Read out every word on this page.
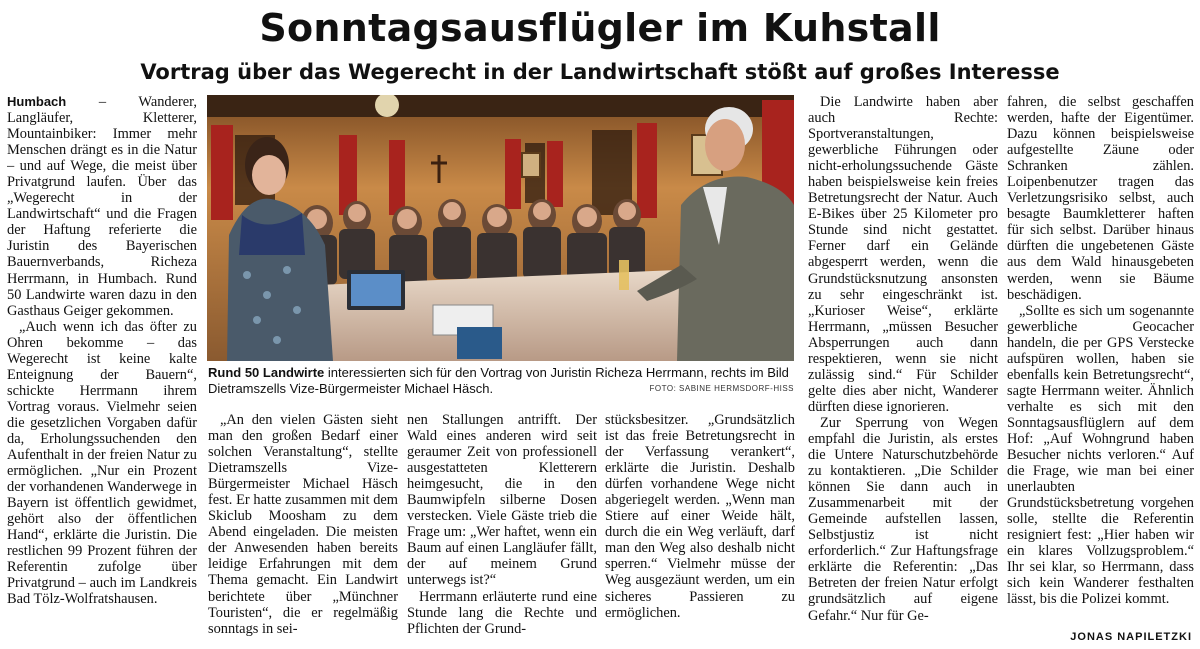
Sonntagsausflügler im Kuhstall
Vortrag über das Wegerecht in der Landwirtschaft stößt auf großes Interesse

Humbach – Wanderer, Langläufer, Kletterer, Mountainbiker: Immer mehr Menschen drängt es in die Natur – und auf Wege, die meist über Privatgrund laufen. Über das „Wegerecht in der Landwirtschaft“ und die Fragen der Haftung referierte die Juristin des Bayerischen Bauernverbands, Richeza Herrmann, in Humbach. Rund 50 Landwirte waren dazu in den Gasthaus Geiger gekommen.

„Auch wenn ich das öfter zu Ohren bekomme – das Wegerecht ist keine kalte Enteignung der Bauern“, schickte Herrmann ihrem Vortrag voraus. Vielmehr seien die gesetzlichen Vorgaben dafür da, Erholungssuchenden den Aufenthalt in der freien Natur zu ermöglichen. „Nur ein Prozent der vorhandenen Wanderwege in Bayern ist öffentlich gewidmet, gehört also der öffentlichen Hand“, erklärte die Juristin. Die restlichen 99 Prozent führen der Referentin zufolge über Privatgrund – auch im Landkreis Bad Tölz-Wolfratshausen.

Rund 50 Landwirte interessierten sich für den Vortrag von Juristin Richeza Herrmann, rechts im Bild Dietramszells Vize-Bürgermeister Michael Häsch.	FOTO: SABINE HERMSDORF-HISS

„An den vielen Gästen sieht man den großen Bedarf einer solchen Veranstaltung“, stellte Dietramszells Vize-Bürgermeister Michael Häsch fest. Er hatte zusammen mit dem Skiclub Moosham zu dem Abend eingeladen. Die meisten der Anwesenden haben bereits leidige Erfahrungen mit dem Thema gemacht. Ein Landwirt berichtete über „Münchner Touristen“, die er regelmäßig sonntags in sei-

nen Stallungen antrifft. Der Wald eines anderen wird seit geraumer Zeit von professionell ausgestatteten Kletterern heimgesucht, die in den Baumwipfeln silberne Dosen verstecken. Viele Gäste trieb die Frage um: „Wer haftet, wenn ein Baum auf einen Langläufer fällt, der auf meinem Grund unterwegs ist?“

Herrmann erläuterte rund eine Stunde lang die Rechte und Pflichten der Grund-

stücksbesitzer. „Grundsätzlich ist das freie Betretungsrecht in der Verfassung verankert“, erklärte die Juristin. Deshalb dürfen vorhandene Wege nicht abgeriegelt werden. „Wenn man Stiere auf einer Weide hält, durch die ein Weg verläuft, darf man den Weg also deshalb nicht sperren.“ Vielmehr müsse der Weg ausgezäunt werden, um ein sicheres Passieren zu ermöglichen.

Die Landwirte haben aber auch Rechte: Sportveranstaltungen, gewerbliche Führungen oder nicht-erholungssuchende Gäste haben beispielsweise kein freies Betretungsrecht der Natur. Auch E-Bikes über 25 Kilometer pro Stunde sind nicht gestattet. Ferner darf ein Gelände abgesperrt werden, wenn die Grundstücksnutzung ansonsten zu sehr eingeschränkt ist. „Kurioser Weise“, erklärte Herrmann, „müssen Besucher Absperrungen auch dann respektieren, wenn sie nicht zulässig sind.“ Für Schilder gelte dies aber nicht, Wanderer dürften diese ignorieren.

Zur Sperrung von Wegen empfahl die Juristin, als erstes die Untere Naturschutzbehörde zu kontaktieren. „Die Schilder können Sie dann auch in Zusammenarbeit mit der Gemeinde aufstellen lassen, Selbstjustiz ist nicht erforderlich.“ Zur Haftungsfrage erklärte die Referentin: „Das Betreten der freien Natur erfolgt grundsätzlich auf eigene Gefahr.“ Nur für Ge-

fahren, die selbst geschaffen werden, hafte der Eigentümer. Dazu können beispielsweise aufgestellte Zäune oder Schranken zählen. Loipenbenutzer tragen das Verletzungsrisiko selbst, auch besagte Baumkletterer haften für sich selbst. Darüber hinaus dürften die ungebetenen Gäste aus dem Wald hinausgebeten werden, wenn sie Bäume beschädigen.

„Sollte es sich um sogenannte gewerbliche Geocacher handeln, die per GPS Verstecke aufspüren wollen, haben sie ebenfalls kein Betretungsrecht“, sagte Herrmann weiter. Ähnlich verhalte es sich mit den Sonntagsausflüglern auf dem Hof: „Auf Wohngrund haben Besucher nichts verloren.“ Auf die Frage, wie man bei einer unerlaubten Grundstücksbetretung vorgehen solle, stellte die Referentin resigniert fest: „Hier haben wir ein klares Vollzugsproblem.“ Ihr sei klar, so Herrmann, dass sich kein Wanderer festhalten lässt, bis die Polizei kommt.

JONAS NAPILETZKI
